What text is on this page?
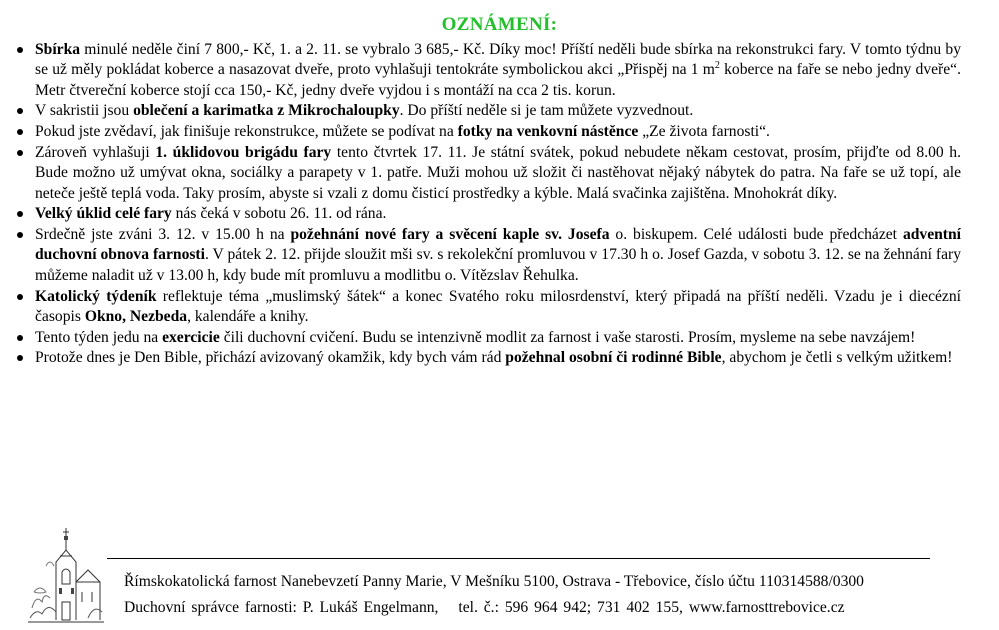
OZNÁMENÍ:
Sbírka minulé neděle činí 7 800,- Kč, 1. a 2. 11. se vybralo 3 685,- Kč. Díky moc! Příští neděli bude sbírka na rekonstrukci fary. V tomto týdnu by se už měly pokládat koberce a nasazovat dveře, proto vyhlašuji tentokráte symbolickou akci „Přispěj na 1 $m^2$ koberce na faře se nebo jedny dveře“. Metr čtvereční koberce stojí cca 150,- Kč, jedny dveře vyjdou i s montáží na cca 2 tis. korun.
V sakristii jsou oblečení a karimatka z Mikrochaloupky. Do příští neděle si je tam můžete vyzvednout.
Pokud jste zvědaví, jak finišuje rekonstrukce, můžete se podívat na fotky na venkovní nástěnce „Ze života farnosti“.
Zároveň vyhlašuji 1. úklidovou brigádu fary tento čtvrtek 17. 11. Je státní svátek, pokud nebudete někam cestovat, prosím, přijďte od 8.00 h. Bude možno už umývat okna, sociálky a parapety v 1. patře. Muži mohou už složit či nastěhovat nějaký nábytek do patra. Na faře se už topí, ale neteče ještě teplá voda. Taky prosím, abyste si vzali z domu čisticí prostředky a kýble. Malá svačinka zajištěna. Mnohokrát díky.
Velký úklid celé fary nás čeká v sobotu 26. 11. od rána.
Srdečně jste zváni 3. 12. v 15.00 h na požehnání nové fary a svěcení kaple sv. Josefa o. biskupem. Celé události bude předcházet adventní duchovní obnova farnosti. V pátek 2. 12. přijde sloužit mši sv. s rekolekční promluvou v 17.30 h o. Josef Gazda, v sobotu 3. 12. se na žehnání fary můžeme naladit už v 13.00 h, kdy bude mít promluvu a modlitbu o. Vítězslav Řehulka.
Katolický týdeník reflektuje téma „muslimský šátek“ a konec Svatého roku milosrdenství, který připadá na příští neděli. Vzadu je i diecézní časopis Okno, Nezbeda, kalendáře a knihy.
Tento týden jedu na exercicie čili duchovní cvičení. Budu se intenzivně modlit za farnost i vaše starosti. Prosím, mysleme na sebe navzájem!
Protože dnes je Den Bible, přichází avizovaný okamžik, kdy bych vám rád požehnal osobní či rodinné Bible, abychom je četli s velkým užitkem!
Římskokatolická farnost Nanebevzetí Panny Marie, V Mešníku 5100, Ostrava - Třebovice, číslo účtu 110314588/0300
Duchovní správce farnosti: P. Lukáš Engelmann, tel. č.: 596 964 942; 731 402 155, www.farnosttrebovice.cz
